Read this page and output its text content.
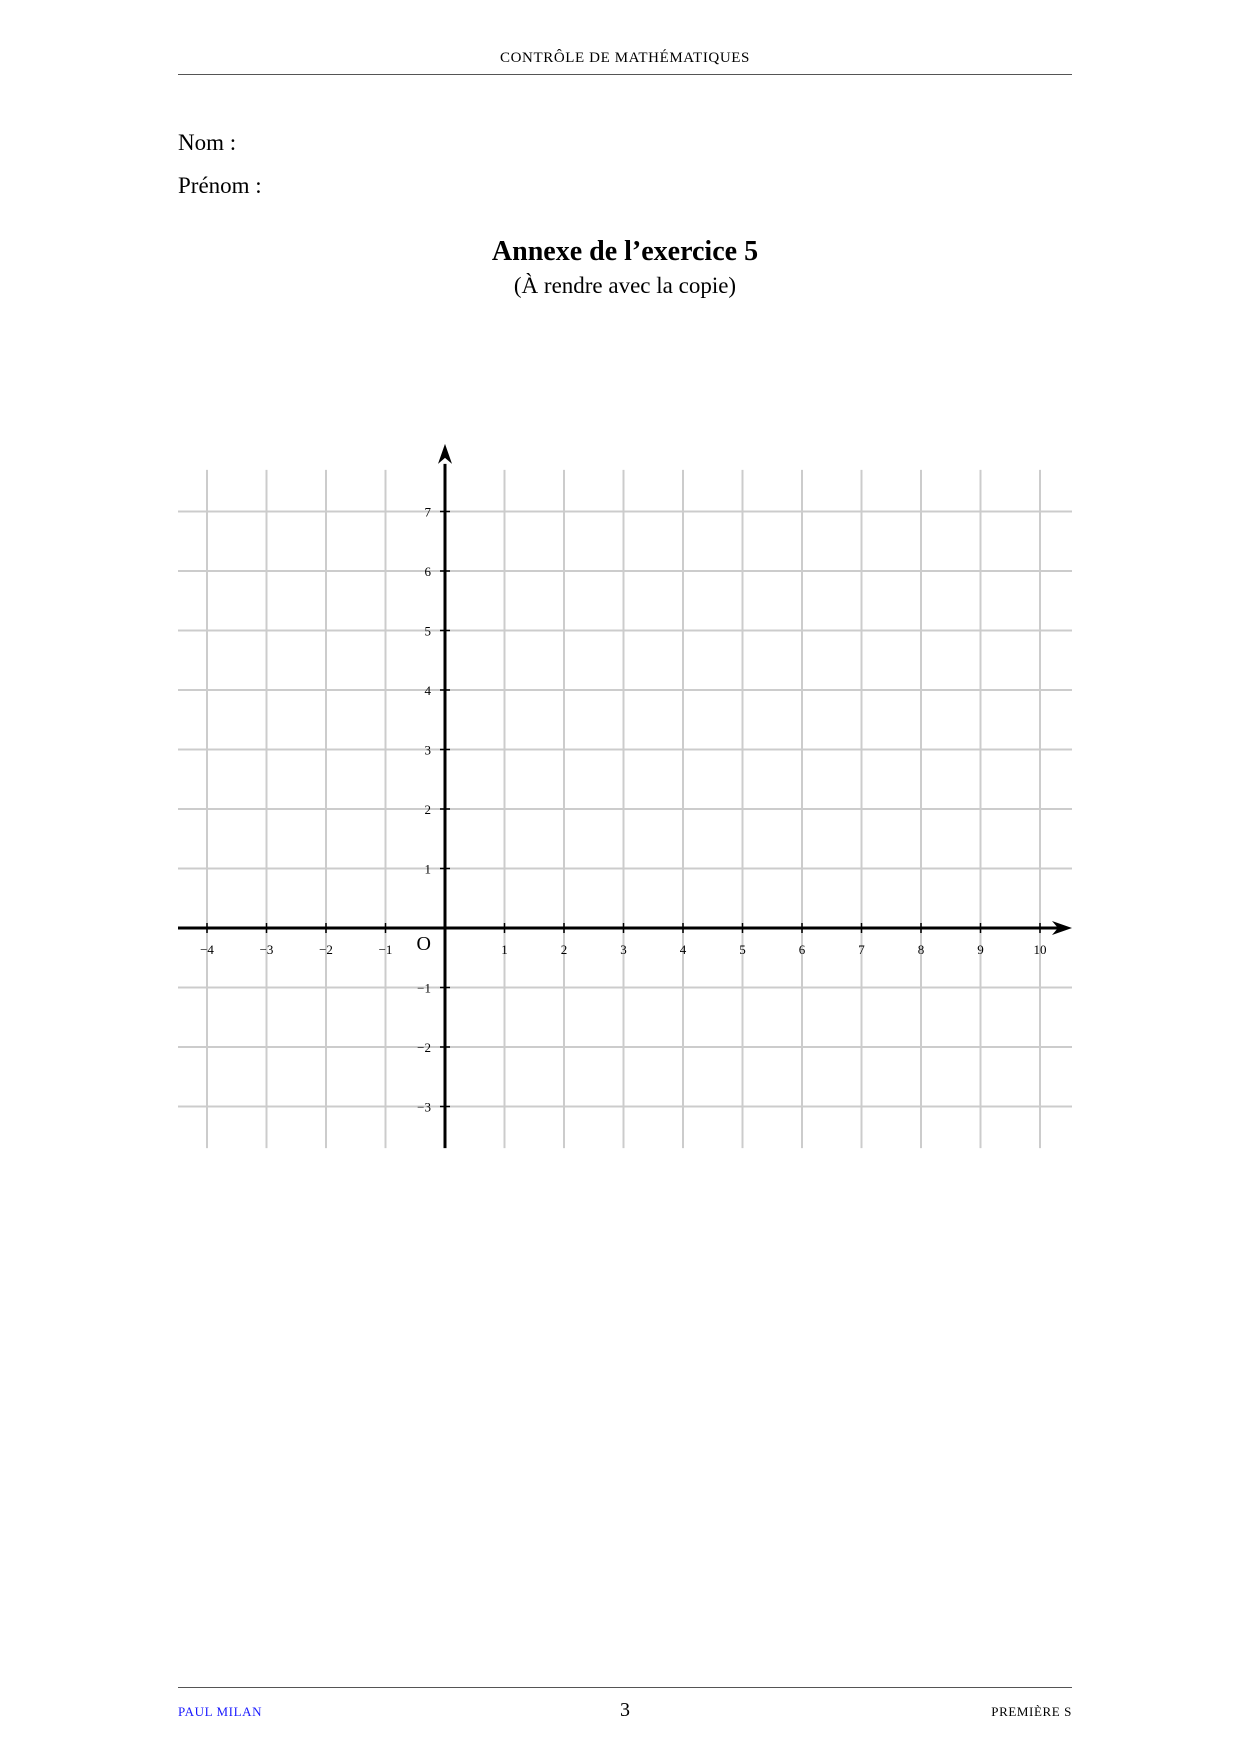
CONTRÔLE DE MATHÉMATIQUES
Nom :
Prénom :
Annexe de l’exercice 5
(À rendre avec la copie)
−4	−3	−2	−1	1	2	3	4	5	6	7	8	9	10
−3
−2
−1
1
2
3
4
5
6
7
O
PAUL MILAN	3	PREMIÈRE S
